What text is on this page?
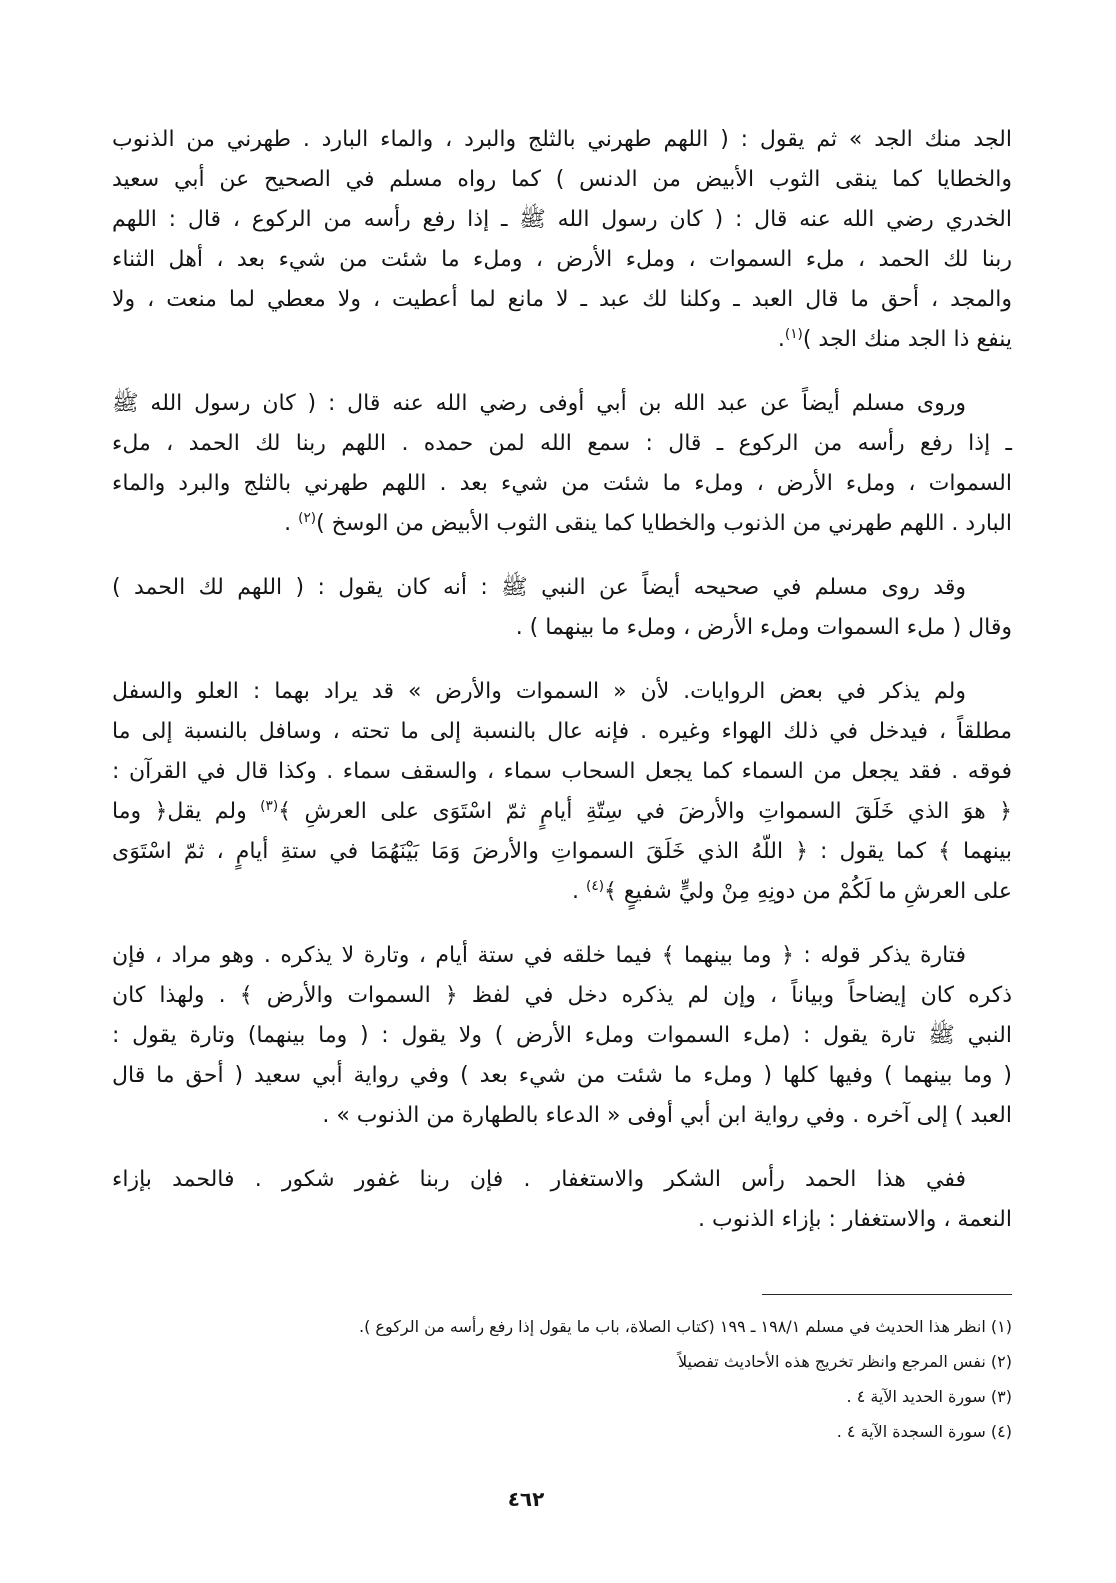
الجد منك الجد » ثم يقول : ( اللهم طهرني بالثلج والبرد ، والماء البارد . طهرني من الذنوب
والخطايا كما ينقى الثوب الأبيض من الدنس ) كما رواه مسلم في الصحيح عن أبي سعيد
الخدري رضي الله عنه قال : ( كان رسول الله ﷺ ـ إذا رفع رأسه من الركوع ، قال : اللهم
ربنا لك الحمد ، ملء السموات ، وملء الأرض ، وملء ما شئت من شيء بعد ، أهل الثناء
والمجد ، أحق ما قال العبد ـ وكلنا لك عبد ـ لا مانع لما أعطيت ، ولا معطي لما منعت ، ولا
ينفع ذا الجد منك الجد )$^{(١)}$.
وروى مسلم أيضاً عن عبد الله بن أبي أوفى رضي الله عنه قال : ( كان رسول الله ﷺ
ـ إذا رفع رأسه من الركوع ـ قال : سمع الله لمن حمده . اللهم ربنا لك الحمد ، ملء
السموات ، وملء الأرض ، وملء ما شئت من شيء بعد . اللهم طهرني بالثلج والبرد والماء
البارد . اللهم طهرني من الذنوب والخطايا كما ينقى الثوب الأبيض من الوسخ )$^{(٢)}$ .
وقد روى مسلم في صحيحه أيضاً عن النبي ﷺ : أنه كان يقول : ( اللهم لك الحمد )
وقال ( ملء السموات وملء الأرض ، وملء ما بينهما ) .
ولم يذكر في بعض الروايات. لأن « السموات والأرض » قد يراد بهما : العلو والسفل
مطلقاً ، فيدخل في ذلك الهواء وغيره . فإنه عال بالنسبة إلى ما تحته ، وسافل بالنسبة إلى ما
فوقه . فقد يجعل من السماء كما يجعل السحاب سماء ، والسقف سماء . وكذا قال في القرآن :
﴿ هوَ الذي خَلَقَ السمواتِ والأرضَ في سِتّةِ أيامٍ ثمّ اسْتَوَى على العرشِ ﴾$^{(٣)}$ ولم يقل﴿ وما
بينهما ﴾ كما يقول : ﴿ اللّهُ الذي خَلَقَ السمواتِ والأرضَ وَمَا بَيْنَهُمَا في ستةِ أيامٍ ، ثمّ اسْتَوَى
على العرشِ ما لَكُمْ من دونِهِ مِنْ وليٍّ شفيعٍ ﴾$^{(٤)}$ .
فتارة يذكر قوله : ﴿ وما بينهما ﴾ فيما خلقه في ستة أيام ، وتارة لا يذكره . وهو مراد ، فإن
ذكره كان إيضاحاً وبياناً ، وإن لم يذكره دخل في لفظ ﴿ السموات والأرض ﴾ . ولهذا كان
النبي ﷺ تارة يقول : (ملء السموات وملء الأرض ) ولا يقول : ( وما بينهما) وتارة يقول :
( وما بينهما ) وفيها كلها ( وملء ما شئت من شيء بعد ) وفي رواية أبي سعيد ( أحق ما قال
العبد ) إلى آخره . وفي رواية ابن أبي أوفى « الدعاء بالطهارة من الذنوب » .
ففي هذا الحمد رأس الشكر والاستغفار . فإن ربنا غفور شكور . فالحمد بإزاء
النعمة ، والاستغفار : بإزاء الذنوب .
(١) انظر هذا الحديث في مسلم ١٩٨/١ ـ ١٩٩ (كتاب الصلاة، باب ما يقول إذا رفع رأسه من الركوع ).
(٢) نفس المرجع وانظر تخريج هذه الأحاديث تفصيلاً
(٣) سورة الحديد الآية ٤ .
(٤) سورة السجدة الآية ٤ .
٤٦٢
